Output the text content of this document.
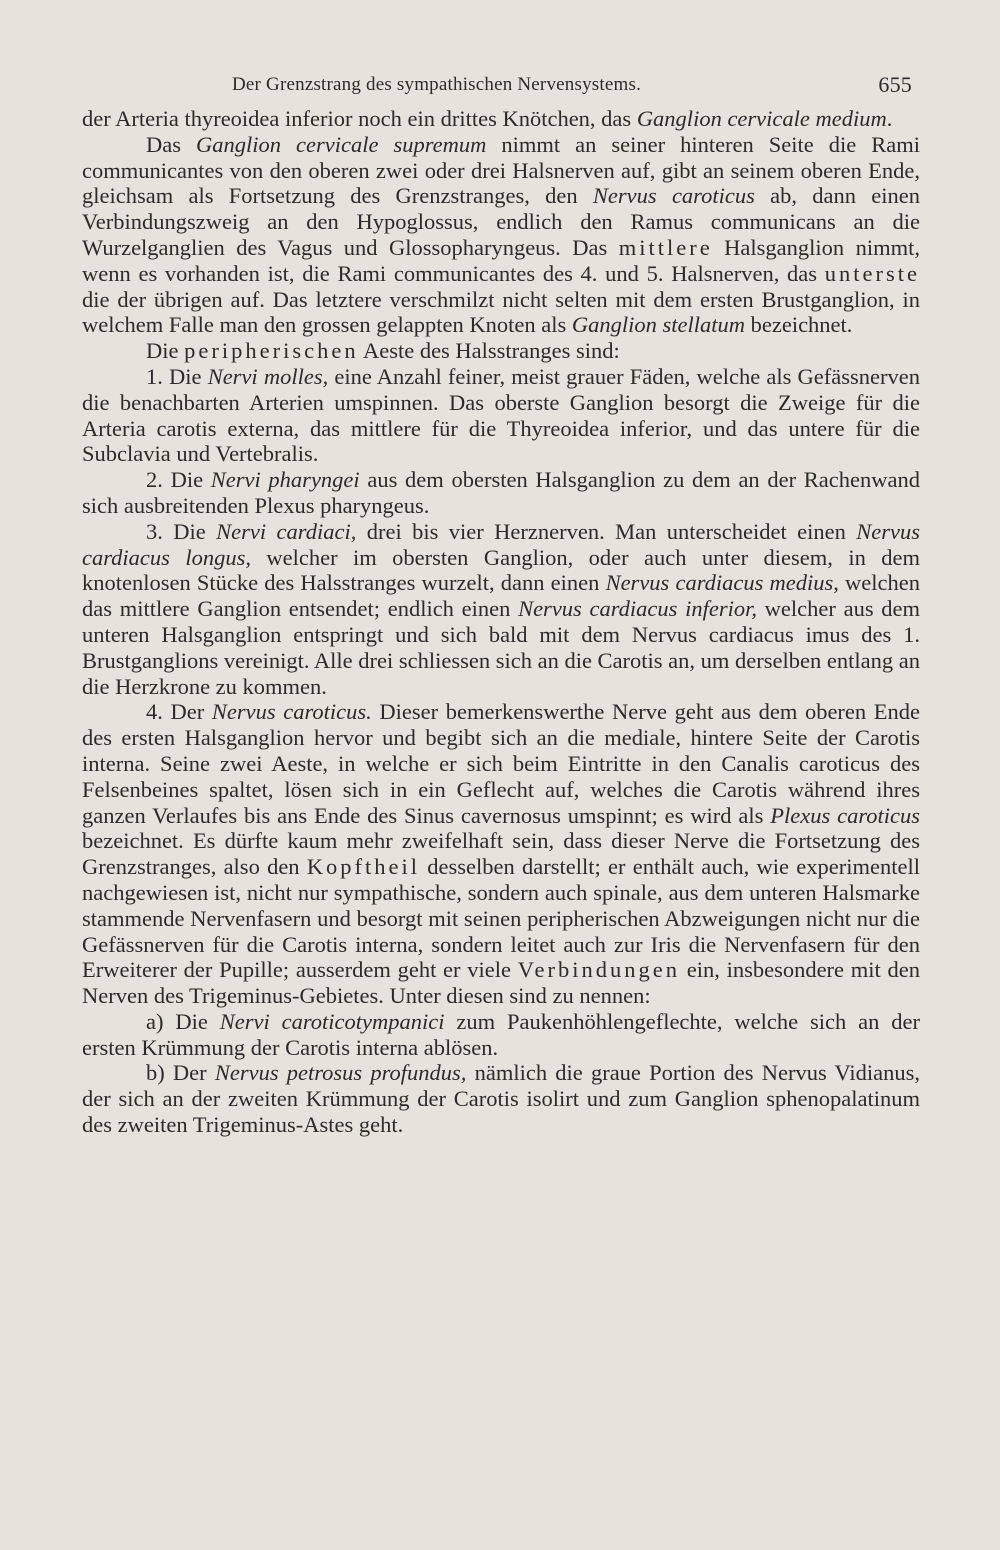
Der Grenzstrang des sympathischen Nervensystems.	655

der Arteria thyreoidea inferior noch ein drittes Knötchen, das Ganglion cervicale medium.

Das Ganglion cervicale supremum nimmt an seiner hinteren Seite die Rami communicantes von den oberen zwei oder drei Halsnerven auf, gibt an seinem oberen Ende, gleichsam als Fortsetzung des Grenzstranges, den Nervus caroticus ab, dann einen Verbindungszweig an den Hypoglossus, endlich den Ramus communicans an die Wurzelganglien des Vagus und Glossopharyngeus. Das mittlere Halsganglion nimmt, wenn es vorhanden ist, die Rami communicantes des 4. und 5. Halsnerven, das unterste die der übrigen auf. Das letztere verschmilzt nicht selten mit dem ersten Brustganglion, in welchem Falle man den grossen gelappten Knoten als Ganglion stellatum bezeichnet.

Die peripherischen Aeste des Halsstranges sind:

1. Die Nervi molles, eine Anzahl feiner, meist grauer Fäden, welche als Gefässnerven die benachbarten Arterien umspinnen. Das oberste Ganglion besorgt die Zweige für die Arteria carotis externa, das mittlere für die Thyreoidea inferior, und das untere für die Subclavia und Vertebralis.

2. Die Nervi pharyngei aus dem obersten Halsganglion zu dem an der Rachenwand sich ausbreitenden Plexus pharyngeus.

3. Die Nervi cardiaci, drei bis vier Herznerven. Man unterscheidet einen Nervus cardiacus longus, welcher im obersten Ganglion, oder auch unter diesem, in dem knotenlosen Stücke des Halsstranges wurzelt, dann einen Nervus cardiacus medius, welchen das mittlere Ganglion entsendet; endlich einen Nervus cardiacus inferior, welcher aus dem unteren Halsganglion entspringt und sich bald mit dem Nervus cardiacus imus des 1. Brustganglions vereinigt. Alle drei schliessen sich an die Carotis an, um derselben entlang an die Herzkrone zu kommen.

4. Der Nervus caroticus. Dieser bemerkenswerthe Nerve geht aus dem oberen Ende des ersten Halsganglion hervor und begibt sich an die mediale, hintere Seite der Carotis interna. Seine zwei Aeste, in welche er sich beim Eintritte in den Canalis caroticus des Felsenbeines spaltet, lösen sich in ein Geflecht auf, welches die Carotis während ihres ganzen Verlaufes bis ans Ende des Sinus cavernosus umspinnt; es wird als Plexus caroticus bezeichnet. Es dürfte kaum mehr zweifelhaft sein, dass dieser Nerve die Fortsetzung des Grenzstranges, also den Kopftheil desselben darstellt; er enthält auch, wie experimentell nachgewiesen ist, nicht nur sympathische, sondern auch spinale, aus dem unteren Halsmarke stammende Nervenfasern und besorgt mit seinen peripherischen Abzweigungen nicht nur die Gefässnerven für die Carotis interna, sondern leitet auch zur Iris die Nervenfasern für den Erweiterer der Pupille; ausserdem geht er viele Verbindungen ein, insbesondere mit den Nerven des Trigeminus-Gebietes. Unter diesen sind zu nennen:

a) Die Nervi caroticotympanici zum Paukenhöhlengeflechte, welche sich an der ersten Krümmung der Carotis interna ablösen.

b) Der Nervus petrosus profundus, nämlich die graue Portion des Nervus Vidianus, der sich an der zweiten Krümmung der Carotis isolirt und zum Ganglion sphenopalatinum des zweiten Trigeminus-Astes geht.
